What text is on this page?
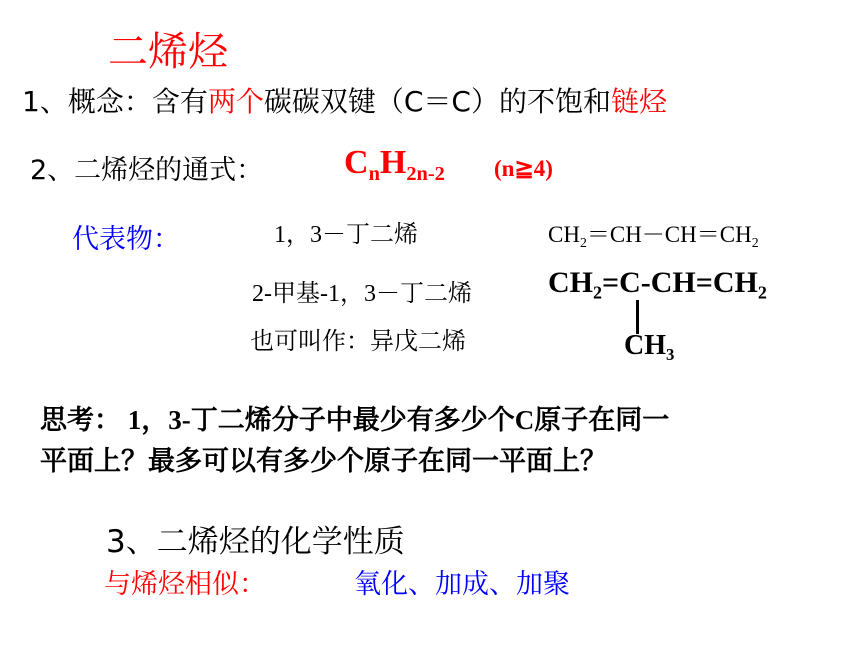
二烯烃
1、概念：含有两个碳碳双键（C＝C）的不饱和链烃
2、二烯烃的通式： $C_nH_{2n-2}$ (n≧4)
代表物：	1，3－丁二烯	$CH_2=CH-CH=CH_2$
2-甲基-1，3－丁二烯	$CH_2=C-CH=CH_2$
$CH_3$
也可叫作：异戊二烯
思考： 1，3-丁二烯分子中最少有多少个C原子在同一
平面上？最多可以有多少个原子在同一平面上？
3、二烯烃的化学性质
与烯烃相似：	氧化、加成、加聚
